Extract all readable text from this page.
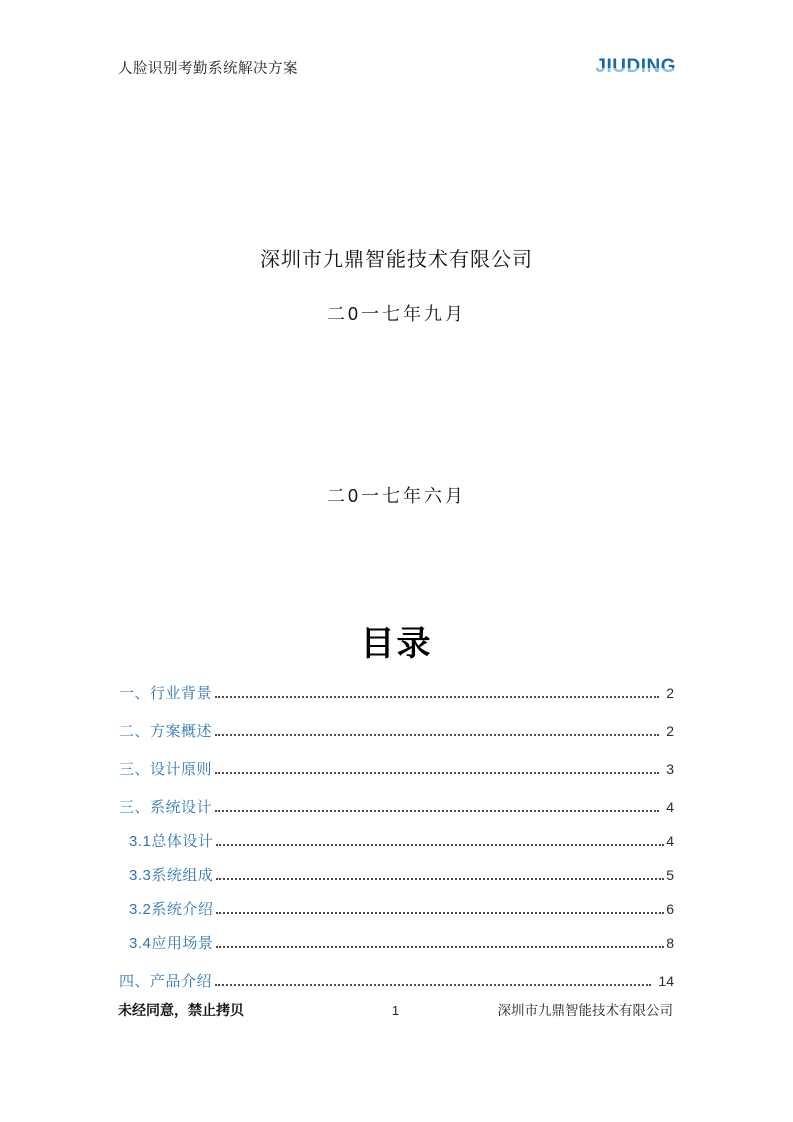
人脸识别考勤系统解决方案	JIUDING
深圳市九鼎智能技术有限公司
二0一七年九月
二0一七年六月
目录
一、行业背景	2
二、方案概述	2
三、设计原则	3
三、系统设计	4
3.1总体设计	4
3.3系统组成	5
3.2系统介绍	6
3.4应用场景	8
四、产品介绍	14
未经同意，禁止拷贝	1	深圳市九鼎智能技术有限公司
